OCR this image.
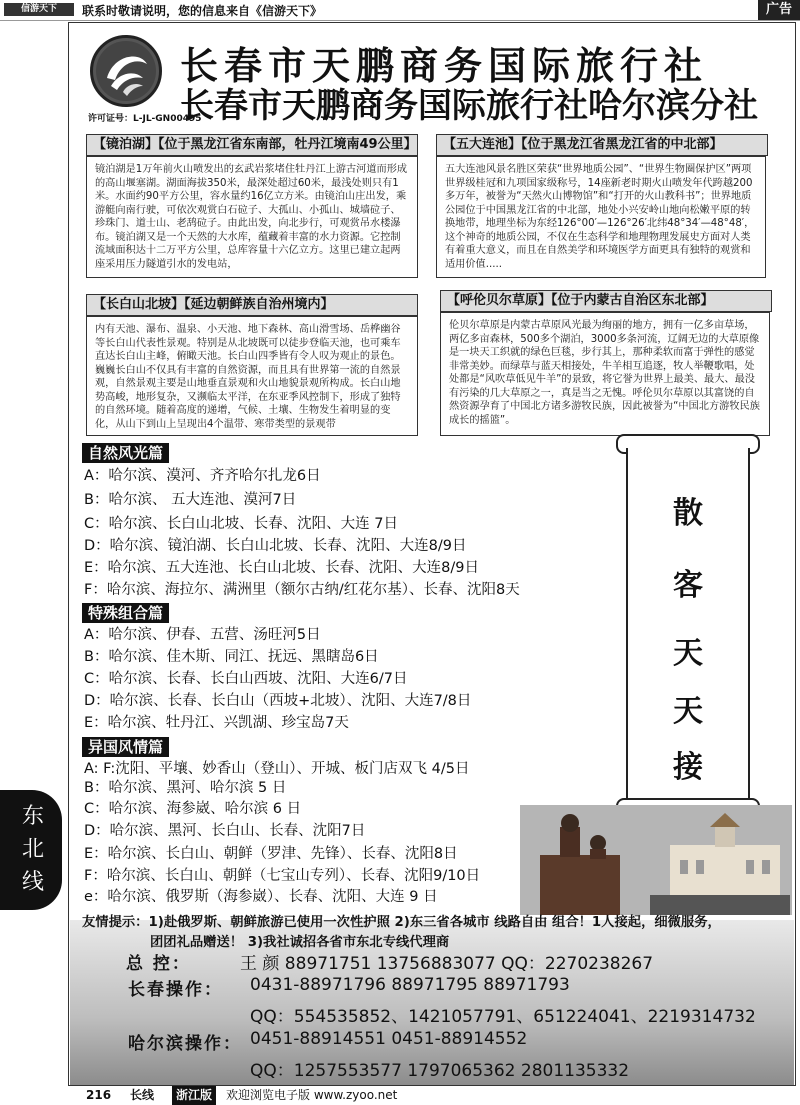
信游天下	联系时敬请说明，您的信息来自《信游天下》	广告
长春市天鹏商务国际旅行社
长春市天鹏商务国际旅行社哈尔滨分社
许可证号：L-JL-GN00495
【镜泊湖】【位于黑龙江省东南部，牡丹江境南49公里】
镜泊湖是1万年前火山喷发出的玄武岩浆堵住牡丹江上游古河道而形成的高山堰塞湖。湖面海拔350米，最深处超过60米，最浅处则只有1米。水面约90平方公里，容水量约16亿立方米。由镜泊山庄出发，乘游艇向南行驶，可依次观赏白石砬子、大孤山、小孤山、城墙砬子、珍珠门、道士山、老鸹砬子。由此出发，向北步行，可观赏吊水楼瀑布。镜泊湖又是一个天然的大水库，蕴藏着丰富的水力资源。它控制流域面积达十二万平方公里，总库容量十六亿立方。这里已建立起两座采用压力隧道引水的发电站，
【五大连池】【位于黑龙江省黑龙江省的中北部】
五大连池风景名胜区荣获“世界地质公园”、“世界生物圈保护区”两项世界级桂冠和九项国家级称号，14座新老时期火山喷发年代跨越200多万年，被誉为“天然火山博物馆”和“打开的火山教科书”；世界地质公园位于中国黑龙江省的中北部，地处小兴安岭山地向松嫩平原的转换地带，地理坐标为东经126°00′—126°26′北纬48°34′—48°48′，这个神奇的地质公园，不仅在生态科学和地理物理发展史方面对人类有着重大意义，而且在自然美学和环境医学方面更具有独特的观赏和适用价值.....
【长白山北坡】【延边朝鲜族自治州境内】
内有天池、瀑布、温泉、小天池、地下森林、高山滑雪场、岳桦幽谷等长白山代表性景观。特别是从北坡既可以徒步登临天池，也可乘车直达长白山主峰，俯瞰天池。长白山四季皆有令人叹为观止的景色。巍巍长白山不仅具有丰富的自然资源，而且具有世界第一流的自然景观，自然景观主要是山地垂直景观和火山地貌景观所构成。长白山地势高峻，地形复杂，又濒临太平洋，在东亚季风控制下，形成了独特的自然环境。随着高度的递增，气候、土壤、生物发生着明显的变化，从山下到山上呈现出4个温带、寒带类型的景观带
【呼伦贝尔草原】【位于内蒙古自治区东北部】
伦贝尔草原是内蒙古草原风光最为绚丽的地方，拥有一亿多亩草场，两亿多亩森林，500多个湖泊，3000多条河流，辽阔无边的大草原像是一块天工织就的绿色巨毯，步行其上，那种柔软而富于弹性的感觉非常美妙。而绿草与蓝天相接处，牛羊相互追逐，牧人举鞭歌唱，处处都是“风吹草低见牛羊”的景致，将它誉为世界上最美、最大、最没有污染的几大草原之一，真是当之无愧。呼伦贝尔草原以其富饶的自然资源孕育了中国北方诸多游牧民族，因此被誉为“中国北方游牧民族成长的摇篮”。
自然风光篇
A：哈尔滨、漠河、齐齐哈尔扎龙6日
B：哈尔滨、 五大连池、漠河7日
C：哈尔滨、长白山北坡、长春、沈阳、大连 7日
D：哈尔滨、镜泊湖、长白山北坡、长春、沈阳、大连8/9日
E：哈尔滨、五大连池、长白山北坡、长春、沈阳、大连8/9日
F：哈尔滨、海拉尔、满洲里（额尔古纳/红花尔基）、长春、沈阳8天
特殊组合篇
A：哈尔滨、伊春、五营、汤旺河5日
B：哈尔滨、佳木斯、同江、抚远、黑瞎岛6日
C：哈尔滨、长春、长白山西坡、沈阳、大连6/7日
D：哈尔滨、长春、长白山（西坡+北坡）、沈阳、大连7/8日
E：哈尔滨、牡丹江、兴凯湖、珍宝岛7天
异国风情篇
A: F:沈阳、平壤、妙香山（登山）、开城、板门店双飞 4/5日
B：哈尔滨、黑河、哈尔滨 5 日
C：哈尔滨、海参崴、哈尔滨 6 日
D：哈尔滨、黑河、长白山、长春、沈阳7日
E：哈尔滨、长白山、朝鲜（罗津、先锋）、长春、沈阳8日
F：哈尔滨、长白山、朝鲜（七宝山专列）、长春、沈阳9/10日
e：哈尔滨、俄罗斯（海参崴）、长春、沈阳、大连 9 日
散
客
天
天
接
东
北
线
友情提示：1)赴俄罗斯、朝鲜旅游已使用一次性护照 2)东三省各城市 线路自由 组合！1人接起，细微服务，
团团礼品赠送！ 3)我社诚招各省市东北专线代理商
总 控：	王 颜 88971751 13756883077 QQ：2270238267
长春操作： 0431-88971796 88971795 88971793
QQ：554535852、1421057791、651224041、2219314732
哈尔滨操作： 0451-88914551 0451-88914552
QQ：1257553577 1797065362 2801135332
216 长线	浙江版	欢迎浏览电子版 www.zyoo.net
